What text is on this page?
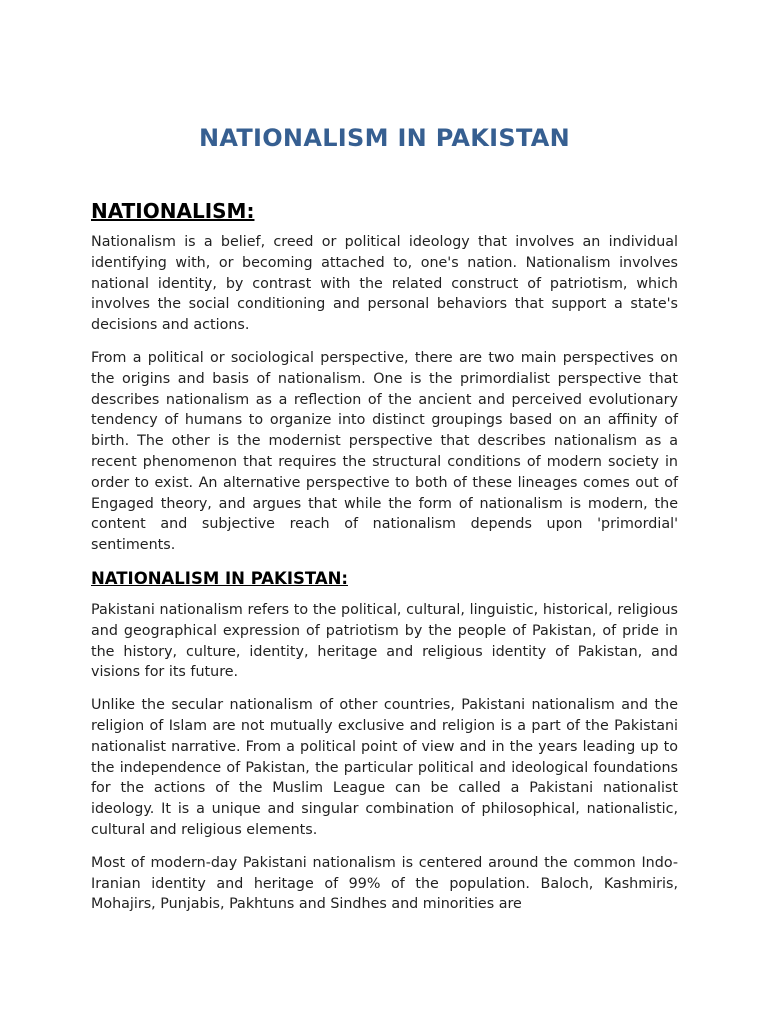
NATIONALISM IN PAKISTAN
NATIONALISM:

Nationalism is a belief, creed or political ideology that involves an individual identifying with, or becoming attached to, one's nation. Nationalism involves national identity, by contrast with the related construct of patriotism, which involves the social conditioning and personal behaviors that support a state's decisions and actions.

From a political or sociological perspective, there are two main perspectives on the origins and basis of nationalism. One is the primordialist perspective that describes nationalism as a reflection of the ancient and perceived evolutionary tendency of humans to organize into distinct groupings based on an affinity of birth. The other is the modernist perspective that describes nationalism as a recent phenomenon that requires the structural conditions of modern society in order to exist. An alternative perspective to both of these lineages comes out of Engaged theory, and argues that while the form of nationalism is modern, the content and subjective reach of nationalism depends upon 'primordial' sentiments.

NATIONALISM IN PAKISTAN:

Pakistani nationalism refers to the political, cultural, linguistic, historical, religious and geographical expression of patriotism by the people of Pakistan, of pride in the history, culture, identity, heritage and religious identity of Pakistan, and visions for its future.

Unlike the secular nationalism of other countries, Pakistani nationalism and the religion of Islam are not mutually exclusive and religion is a part of the Pakistani nationalist narrative. From a political point of view and in the years leading up to the independence of Pakistan, the particular political and ideological foundations for the actions of the Muslim League can be called a Pakistani nationalist ideology. It is a unique and singular combination of philosophical, nationalistic, cultural and religious elements.

Most of modern-day Pakistani nationalism is centered around the common Indo-Iranian identity and heritage of 99% of the population. Baloch, Kashmiris, Mohajirs, Punjabis, Pakhtuns and Sindhes and minorities are
